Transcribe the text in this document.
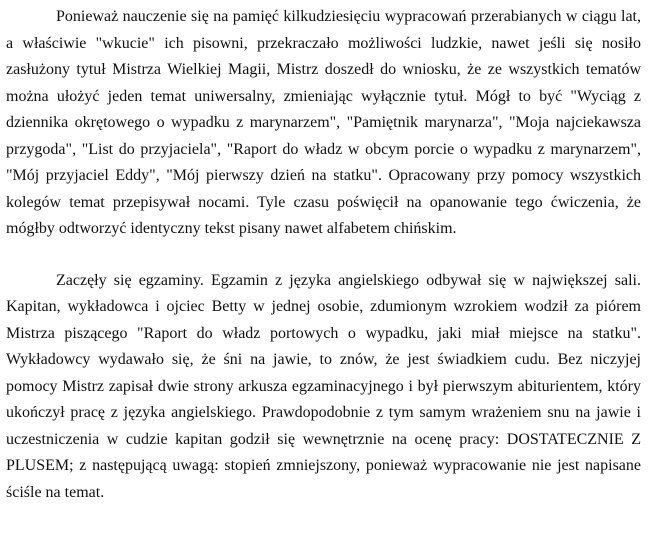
Ponieważ nauczenie się na pamięć kilkudziesięciu wypracowań przerabianych w ciągu lat, a właściwie "wkucie" ich pisowni, przekraczało możliwości ludzkie, nawet jeśli się nosiło zasłużony tytuł Mistrza Wielkiej Magii, Mistrz doszedł do wniosku, że ze wszystkich tematów można ułożyć jeden temat uniwersalny, zmieniając wyłącznie tytuł. Mógł to być "Wyciąg z dziennika okrętowego o wypadku z marynarzem", "Pamiętnik marynarza", "Moja najciekawsza przygoda", "List do przyjaciela", "Raport do władz w obcym porcie o wypadku z marynarzem", "Mój przyjaciel Eddy", "Mój pierwszy dzień na statku". Opracowany przy pomocy wszystkich kolegów temat przepisywał nocami. Tyle czasu poświęcił na opanowanie tego ćwiczenia, że mógłby odtworzyć identyczny tekst pisany nawet alfabetem chińskim.

Zaczęły się egzaminy. Egzamin z języka angielskiego odbywał się w największej sali. Kapitan, wykładowca i ojciec Betty w jednej osobie, zdumionym wzrokiem wodził za piórem Mistrza piszącego "Raport do władz portowych o wypadku, jaki miał miejsce na statku". Wykładowcy wydawało się, że śni na jawie, to znów, że jest świadkiem cudu. Bez niczyjej pomocy Mistrz zapisał dwie strony arkusza egzaminacyjnego i był pierwszym abiturientem, który ukończył pracę z języka angielskiego. Prawdopodobnie z tym samym wrażeniem snu na jawie i uczestniczenia w cudzie kapitan godził się wewnętrznie na ocenę pracy: DOSTATECZNIE Z PLUSEM; z następującą uwagą: stopień zmniejszony, ponieważ wypracowanie nie jest napisane ściśle na temat.
